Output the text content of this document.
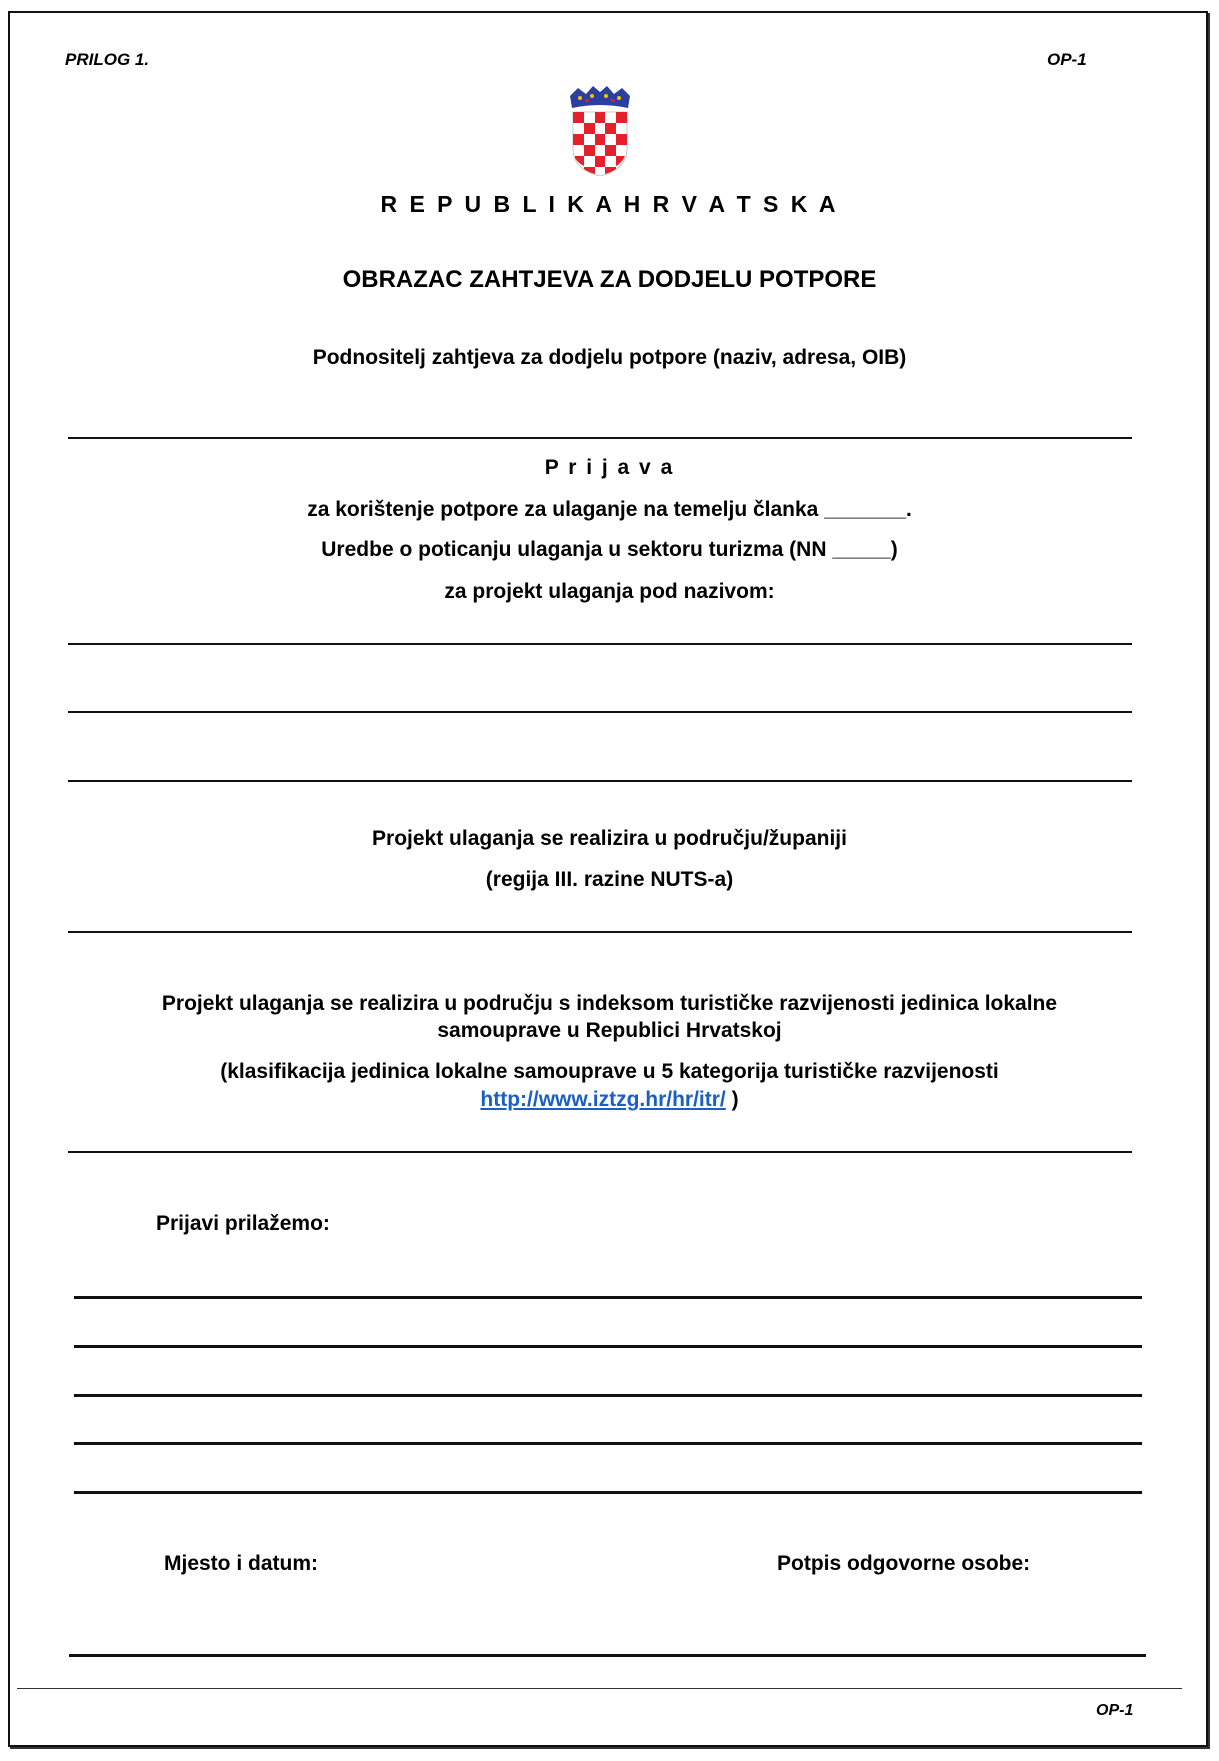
PRILOG 1.	OP-1
R E P U B L I K A H R V A T S K A
OBRAZAC ZAHTJEVA ZA DODJELU POTPORE
Podnositelj zahtjeva za dodjelu potpore (naziv, adresa, OIB)
P r i j a v a
za korištenje potpore za ulaganje na temelju članka _______.
Uredbe o poticanju ulaganja u sektoru turizma (NN _____)
za projekt ulaganja pod nazivom:
Projekt ulaganja se realizira u području/županiji
(regija III. razine NUTS-a)
Projekt ulaganja se realizira u području s indeksom turističke razvijenosti jedinica lokalne
samouprave u Republici Hrvatskoj
(klasifikacija jedinica lokalne samouprave u 5 kategorija turističke razvijenosti
http://www.iztzg.hr/hr/itr/ )
Prijavi prilažemo:
Mjesto i datum:	Potpis odgovorne osobe:
OP-1
